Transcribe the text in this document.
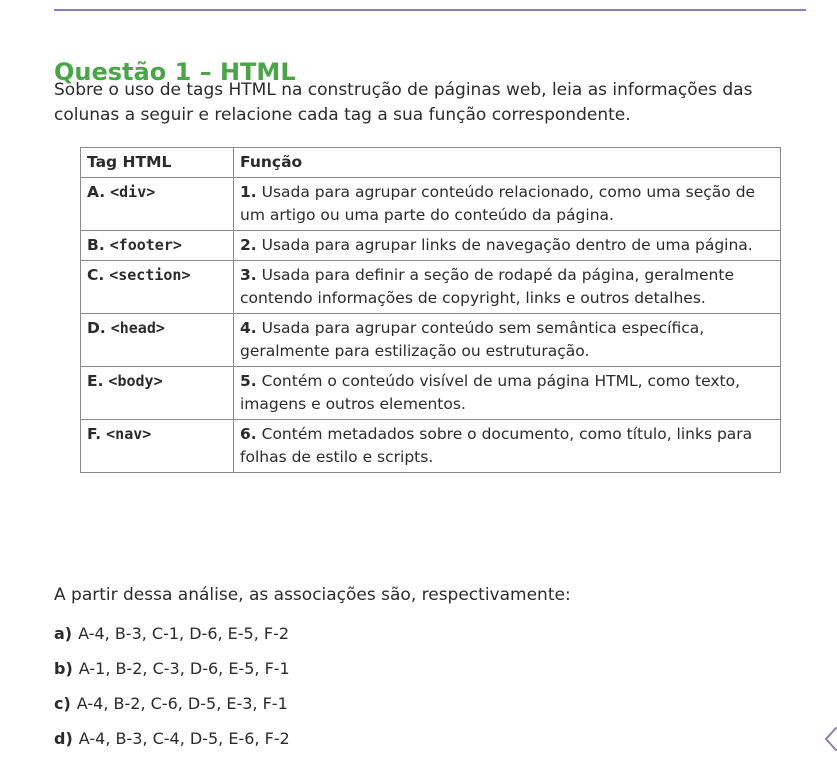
Questão 1 – HTML

Sobre o uso de tags HTML na construção de páginas web, leia as informações das colunas a seguir e relacione cada tag a sua função correspondente.

Tag HTML	Função
A. <div>	1. Usada para agrupar conteúdo relacionado, como uma seção de um artigo ou uma parte do conteúdo da página.
B. <footer>	2. Usada para agrupar links de navegação dentro de uma página.
C. <section>	3. Usada para definir a seção de rodapé da página, geralmente contendo informações de copyright, links e outros detalhes.
D. <head>	4. Usada para agrupar conteúdo sem semântica específica, geralmente para estilização ou estruturação.
E. <body>	5. Contém o conteúdo visível de uma página HTML, como texto, imagens e outros elementos.
F. <nav>	6. Contém metadados sobre o documento, como título, links para folhas de estilo e scripts.
A partir dessa análise, as associações são, respectivamente:
a) A-4, B-3, C-1, D-6, E-5, F-2
b) A-1, B-2, C-3, D-6, E-5, F-1
c) A-4, B-2, C-6, D-5, E-3, F-1
d) A-4, B-3, C-4, D-5, E-6, F-2
